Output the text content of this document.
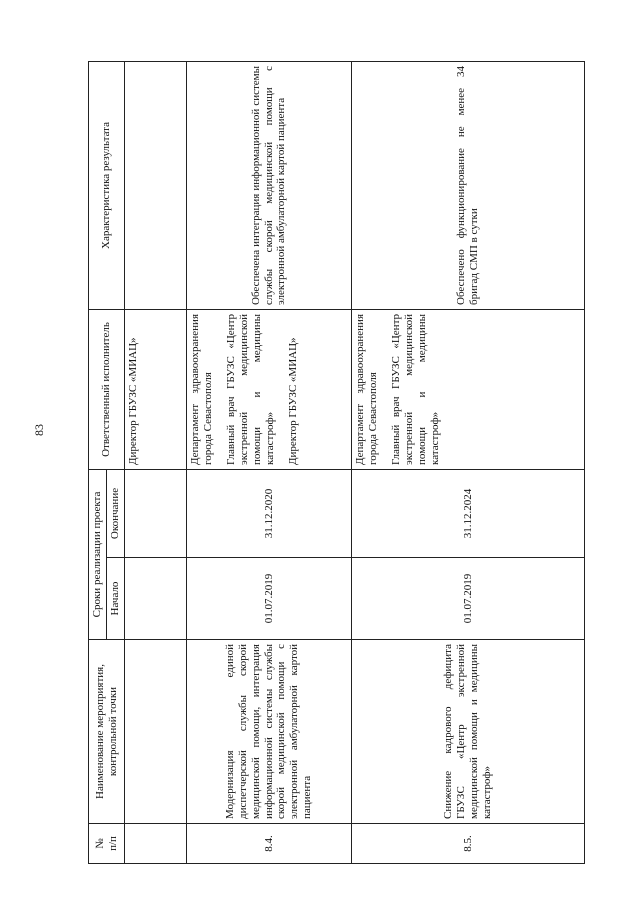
83
№ п/п	Наименование мероприятия, контрольной точки	Сроки реализации проекта		Ответственный исполнитель	Характеристика результата
		Начало	Окончание		

				Директор ГБУЗС «МИАЦ»	

8.4.	Модернизация единой диспетчерской службы скорой медицинской помощи, интеграция информационной системы службы скорой медицинской помощи с электронной амбулаторной картой пациента	01.07.2019	31.12.2020	Департамент здравоохранения города Севастополя Главный врач ГБУЗС «Центр экстренной медицинской помощи и медицины катастроф» Директор ГБУЗС «МИАЦ»	Обеспечена интеграция информационной системы службы скорой медицинской помощи с электронной амбулаторной картой пациента
8.5.	Снижение кадрового дефицита ГБУЗС «Центр экстренной медицинской помощи и медицины катастроф»	01.07.2019	31.12.2024	Департамент здравоохранения города Севастополя Главный врач ГБУЗС «Центр экстренной медицинской помощи и медицины катастроф»	Обеспечено функционирование не менее 34 бригад СМП в сутки
